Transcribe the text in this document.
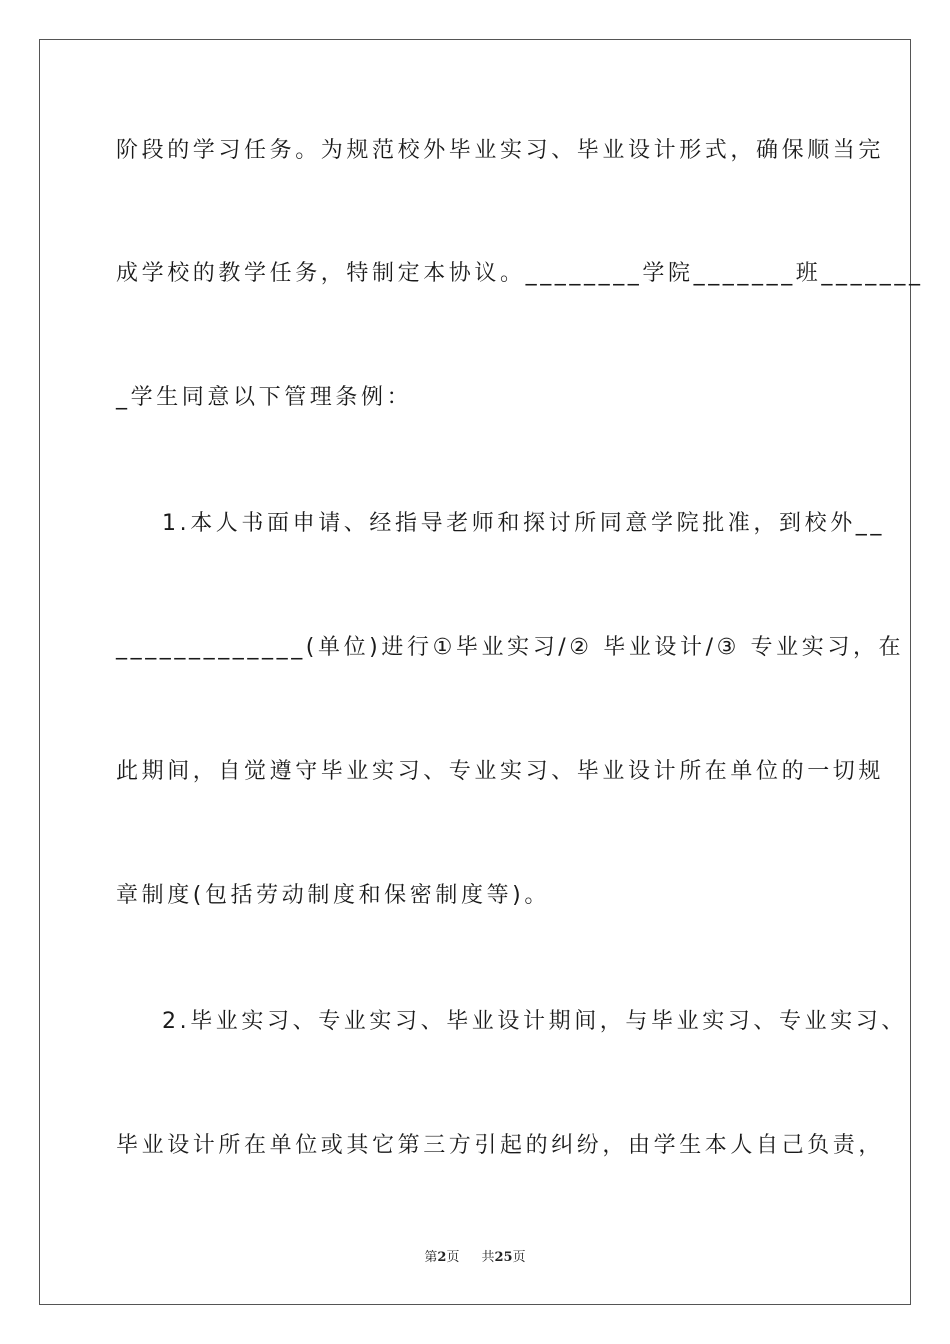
阶段的学习任务。为规范校外毕业实习、毕业设计形式，确保顺当完
成学校的教学任务，特制定本协议。________学院_______班_______
_学生同意以下管理条例：
1.本人书面申请、经指导老师和探讨所同意学院批准，到校外__
_____________(单位)进行①毕业实习/② 毕业设计/③ 专业实习，在
此期间，自觉遵守毕业实习、专业实习、毕业设计所在单位的一切规
章制度(包括劳动制度和保密制度等)。
2.毕业实习、专业实习、毕业设计期间，与毕业实习、专业实习、
毕业设计所在单位或其它第三方引起的纠纷，由学生本人自己负责，
第2页 共25页
